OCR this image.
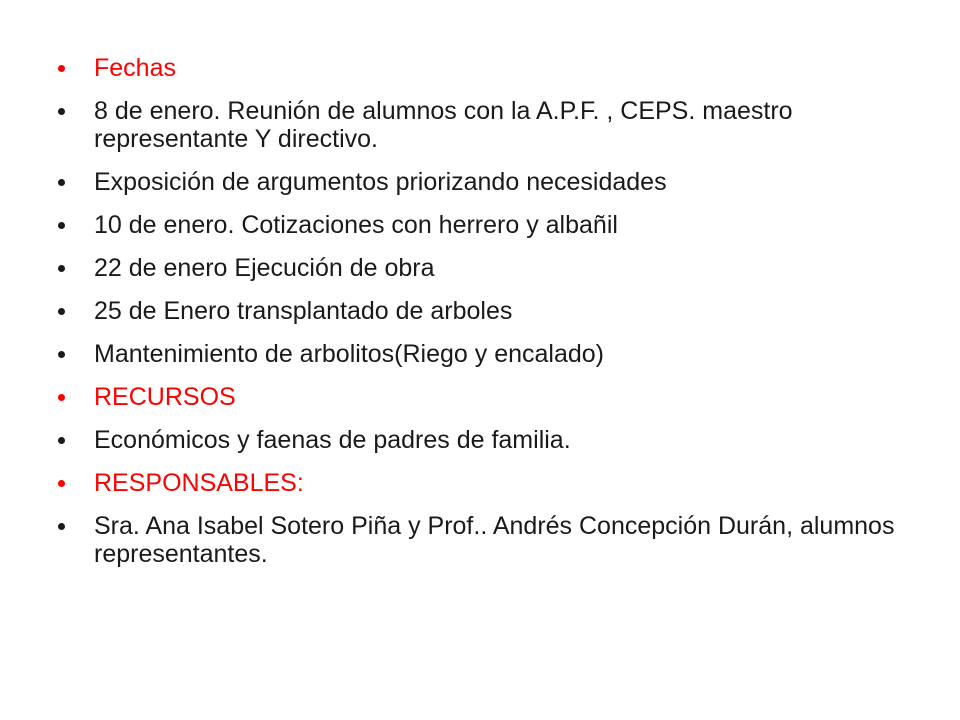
Fechas
8 de enero. Reunión de alumnos con la A.P.F. , CEPS. maestro representante Y directivo.
Exposición de argumentos priorizando necesidades
10 de enero. Cotizaciones con herrero y albañil
22 de enero Ejecución de obra
25 de Enero transplantado de arboles
Mantenimiento de arbolitos(Riego y encalado)
RECURSOS
Económicos y faenas de padres de familia.
RESPONSABLES:
Sra. Ana Isabel Sotero Piña y Prof.. Andrés Concepción Durán, alumnos representantes.
